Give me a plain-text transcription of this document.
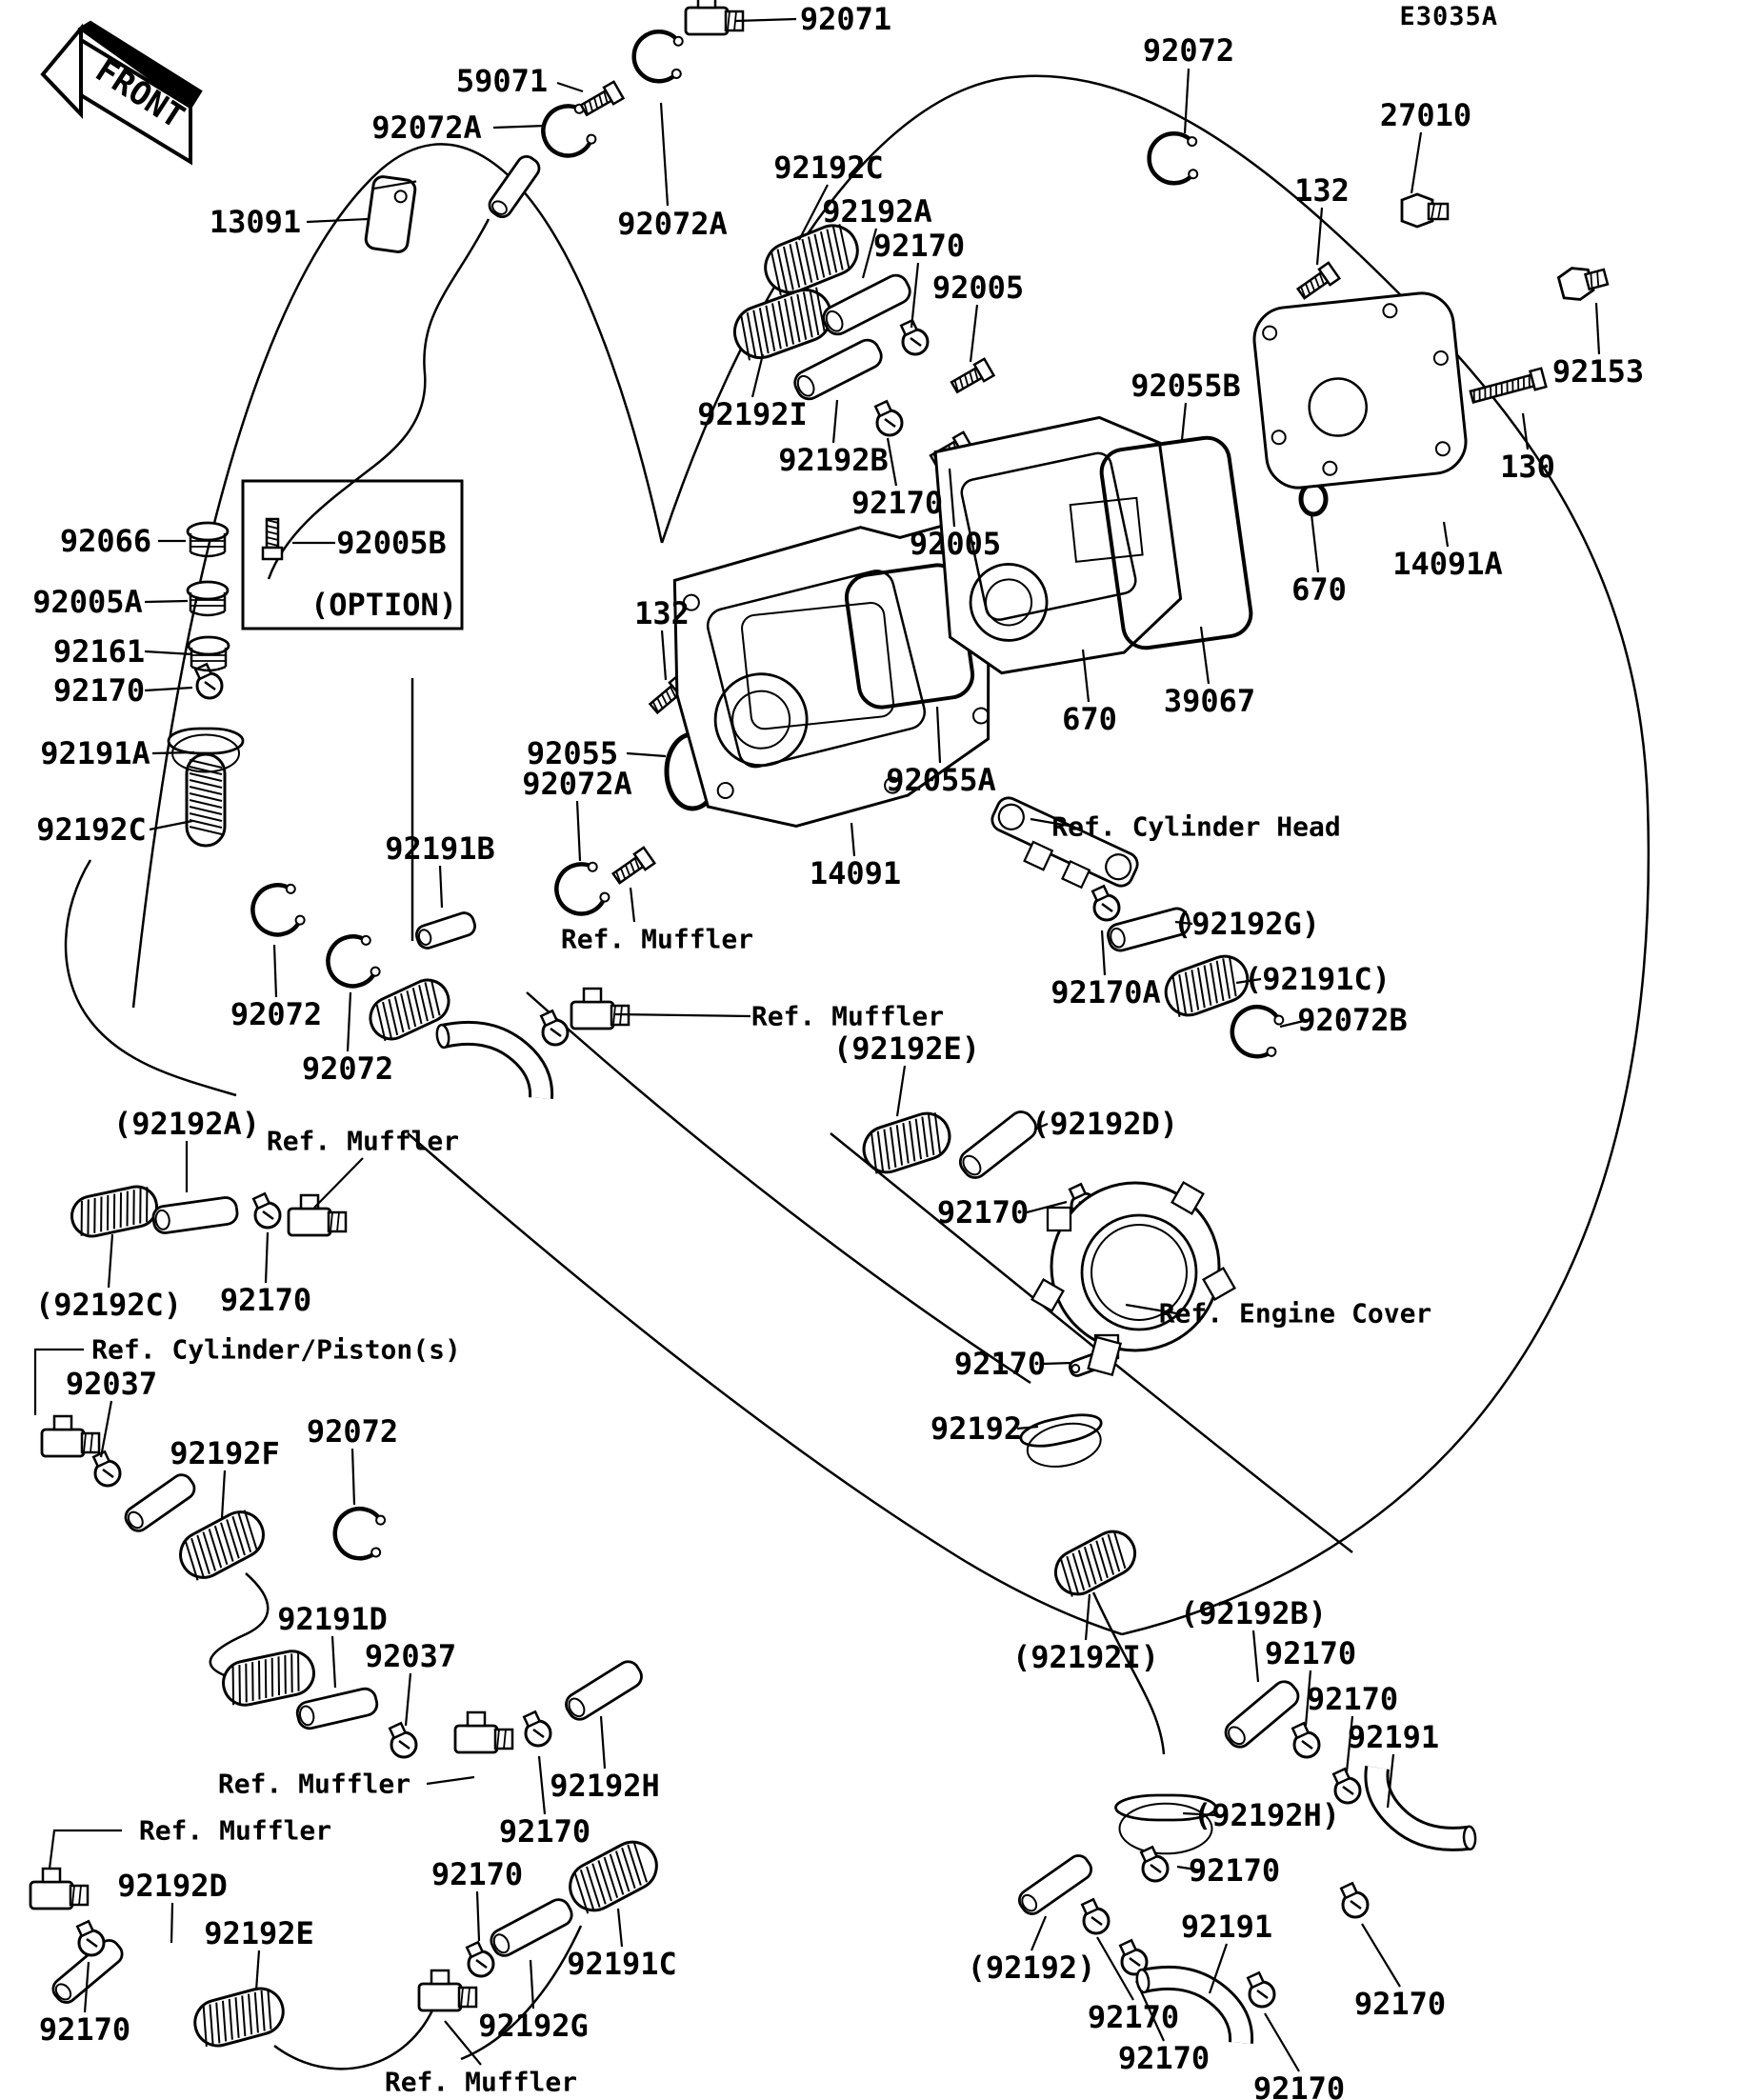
FRONT
92071
59071
92072A
92072A
13091
92072
27010
132
92153
130
14091A
92192C
92192A
92170
92005
92192I
92192B
92170
92005
92055B
670
39067
670
92066	92005B
(OPTION)
92005A
92161
92170
92191A
92192C
132
92055
92072A
92191B
Ref. Muffler
14091
92055A
Ref. Cylinder Head
(92192G)
92170A	(92191C)
92072B
92072
92072
Ref. Muffler
(92192E)
(92192D)
92170
Ref. Engine Cover
92170
92192
(92192A) Ref. Muffler
(92192C) 92170
Ref. Cylinder/Piston(s)
92037
92192F
92072
92191D
92037
Ref. Muffler	92192H
92170
92170
92191C
92192G
Ref. Muffler
Ref. Muffler
92192D
92192E
92170
(92192I)
(92192B)
92170
92170
92191
(92192H)
92170
(92192)
92170
92170
92191
92170
92170
E3035A
